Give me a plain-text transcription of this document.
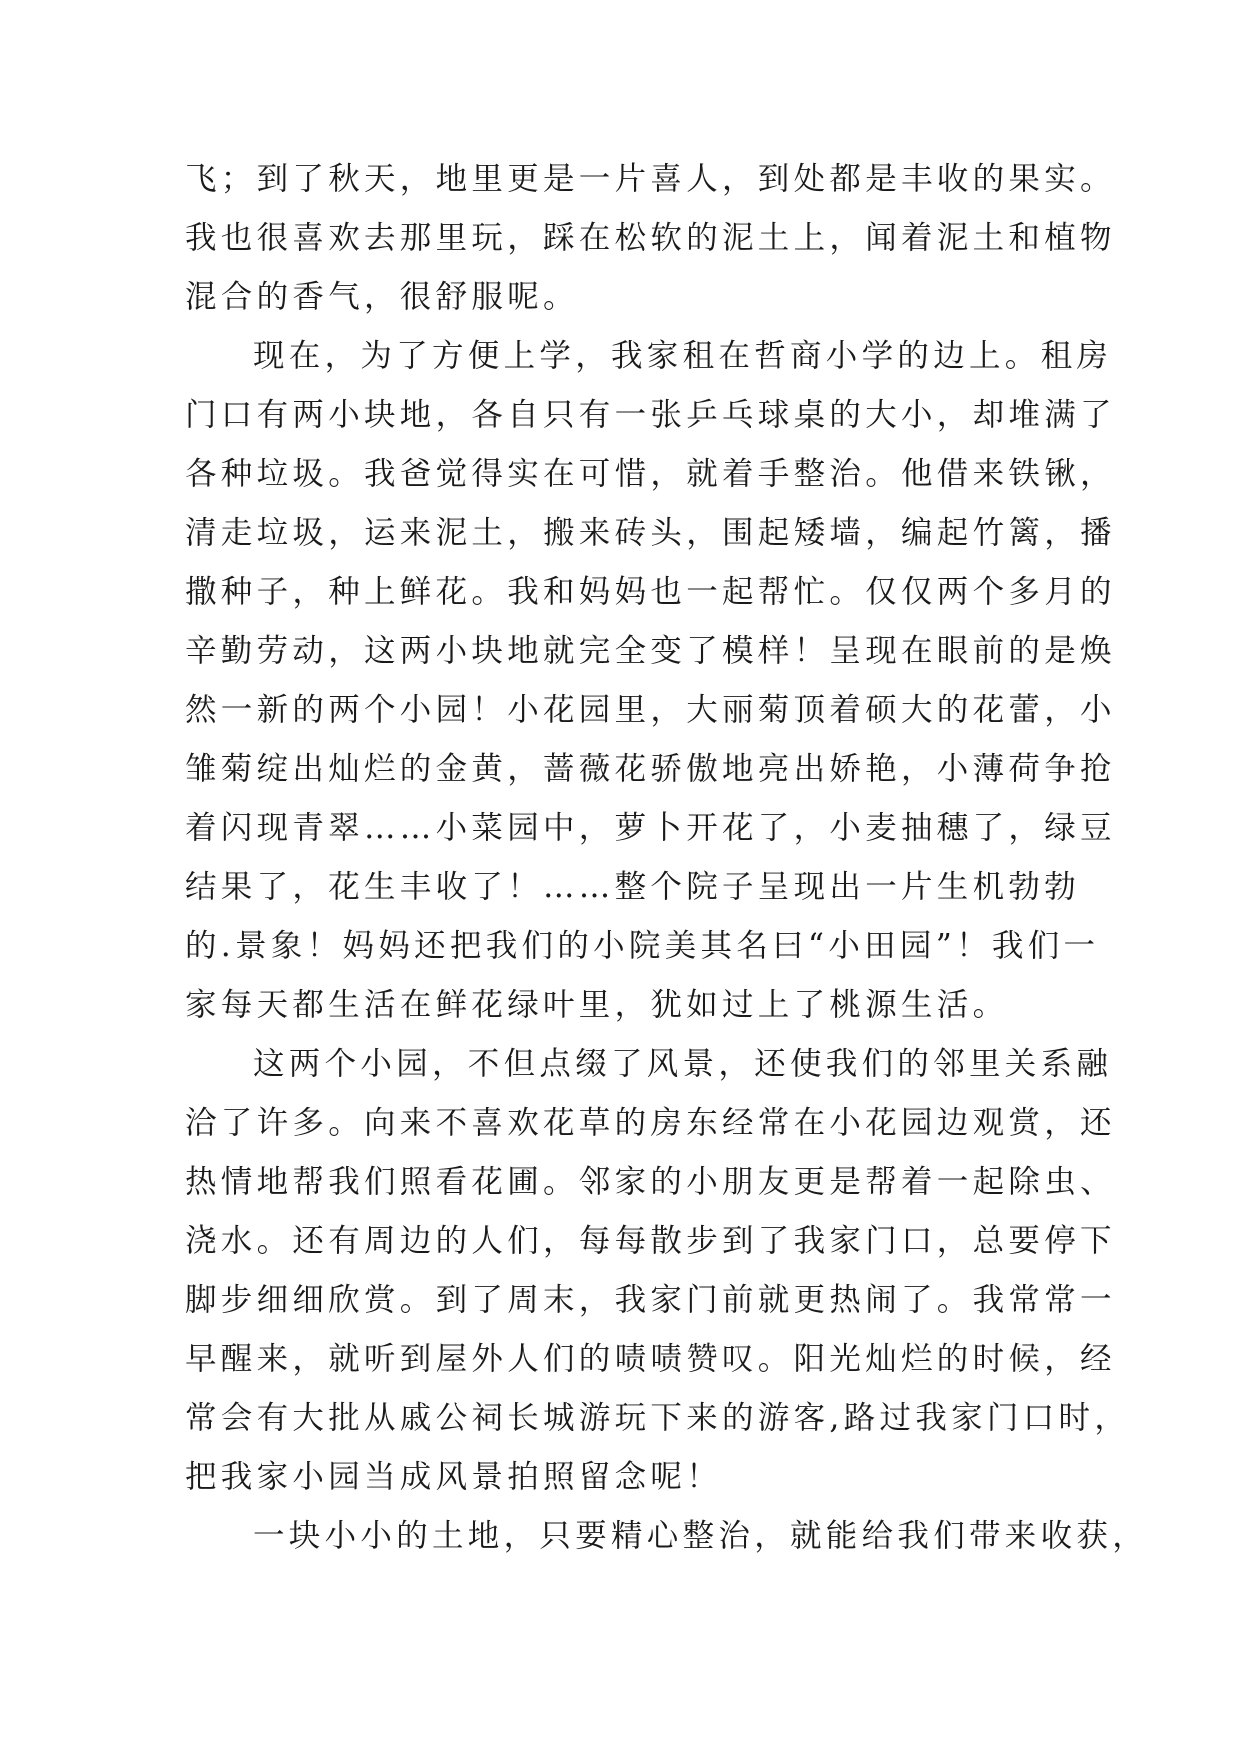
飞；到了秋天，地里更是一片喜人，到处都是丰收的果实。
我也很喜欢去那里玩，踩在松软的泥土上，闻着泥土和植物
混合的香气，很舒服呢。
现在，为了方便上学，我家租在哲商小学的边上。租房
门口有两小块地，各自只有一张乒乓球桌的大小，却堆满了
各种垃圾。我爸觉得实在可惜，就着手整治。他借来铁锹，
清走垃圾，运来泥土，搬来砖头，围起矮墙，编起竹篱，播
撒种子，种上鲜花。我和妈妈也一起帮忙。仅仅两个多月的
辛勤劳动，这两小块地就完全变了模样！呈现在眼前的是焕
然一新的两个小园！小花园里，大丽菊顶着硕大的花蕾，小
雏菊绽出灿烂的金黄，蔷薇花骄傲地亮出娇艳，小薄荷争抢
着闪现青翠……小菜园中，萝卜开花了，小麦抽穗了，绿豆
结果了，花生丰收了！……整个院子呈现出一片生机勃勃
的.景象！妈妈还把我们的小院美其名曰“小田园”！我们一
家每天都生活在鲜花绿叶里，犹如过上了桃源生活。
这两个小园，不但点缀了风景，还使我们的邻里关系融
洽了许多。向来不喜欢花草的房东经常在小花园边观赏，还
热情地帮我们照看花圃。邻家的小朋友更是帮着一起除虫、
浇水。还有周边的人们，每每散步到了我家门口，总要停下
脚步细细欣赏。到了周末，我家门前就更热闹了。我常常一
早醒来，就听到屋外人们的啧啧赞叹。阳光灿烂的时候，经
常会有大批从戚公祠长城游玩下来的游客,路过我家门口时，
把我家小园当成风景拍照留念呢！
一块小小的土地，只要精心整治，就能给我们带来收获，
